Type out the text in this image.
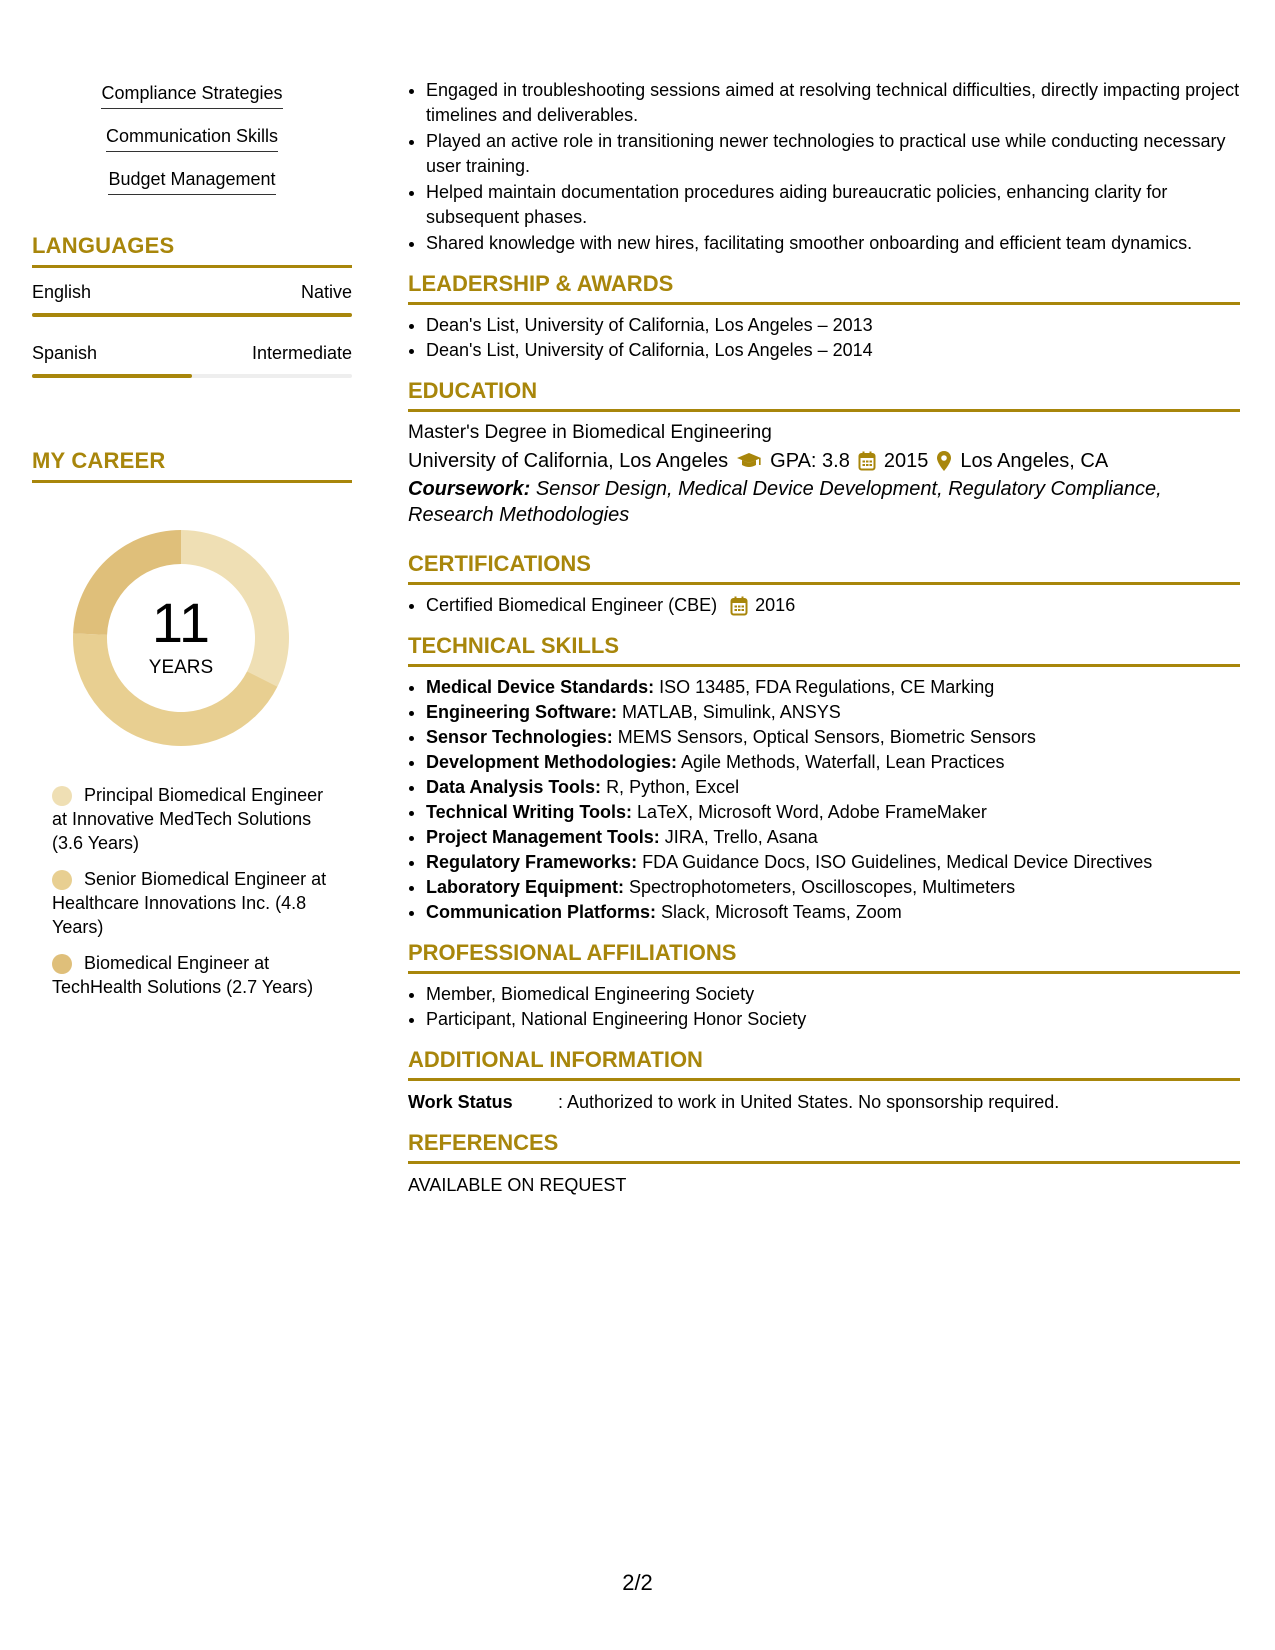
Compliance Strategies
Communication Skills
Budget Management
LANGUAGES
English	Native
Spanish	Intermediate
MY CAREER
11
YEARS
Principal Biomedical Engineer at Innovative MedTech Solutions (3.6 Years)
Senior Biomedical Engineer at Healthcare Innovations Inc. (4.8 Years)
Biomedical Engineer at TechHealth Solutions (2.7 Years)
• Engaged in troubleshooting sessions aimed at resolving technical difficulties, directly impacting project timelines and deliverables.
• Played an active role in transitioning newer technologies to practical use while conducting necessary user training.
• Helped maintain documentation procedures aiding bureaucratic policies, enhancing clarity for subsequent phases.
• Shared knowledge with new hires, facilitating smoother onboarding and efficient team dynamics.
LEADERSHIP & AWARDS
• Dean's List, University of California, Los Angeles – 2013
• Dean's List, University of California, Los Angeles – 2014
EDUCATION
Master's Degree in Biomedical Engineering
University of California, Los Angeles GPA: 3.8 2015 Los Angeles, CA
Coursework: Sensor Design, Medical Device Development, Regulatory Compliance, Research Methodologies
CERTIFICATIONS
• Certified Biomedical Engineer (CBE) 2016
TECHNICAL SKILLS
• Medical Device Standards: ISO 13485, FDA Regulations, CE Marking
• Engineering Software: MATLAB, Simulink, ANSYS
• Sensor Technologies: MEMS Sensors, Optical Sensors, Biometric Sensors
• Development Methodologies: Agile Methods, Waterfall, Lean Practices
• Data Analysis Tools: R, Python, Excel
• Technical Writing Tools: LaTeX, Microsoft Word, Adobe FrameMaker
• Project Management Tools: JIRA, Trello, Asana
• Regulatory Frameworks: FDA Guidance Docs, ISO Guidelines, Medical Device Directives
• Laboratory Equipment: Spectrophotometers, Oscilloscopes, Multimeters
• Communication Platforms: Slack, Microsoft Teams, Zoom
PROFESSIONAL AFFILIATIONS
• Member, Biomedical Engineering Society
• Participant, National Engineering Honor Society
ADDITIONAL INFORMATION
Work Status	: Authorized to work in United States. No sponsorship required.
REFERENCES
AVAILABLE ON REQUEST
2/2
